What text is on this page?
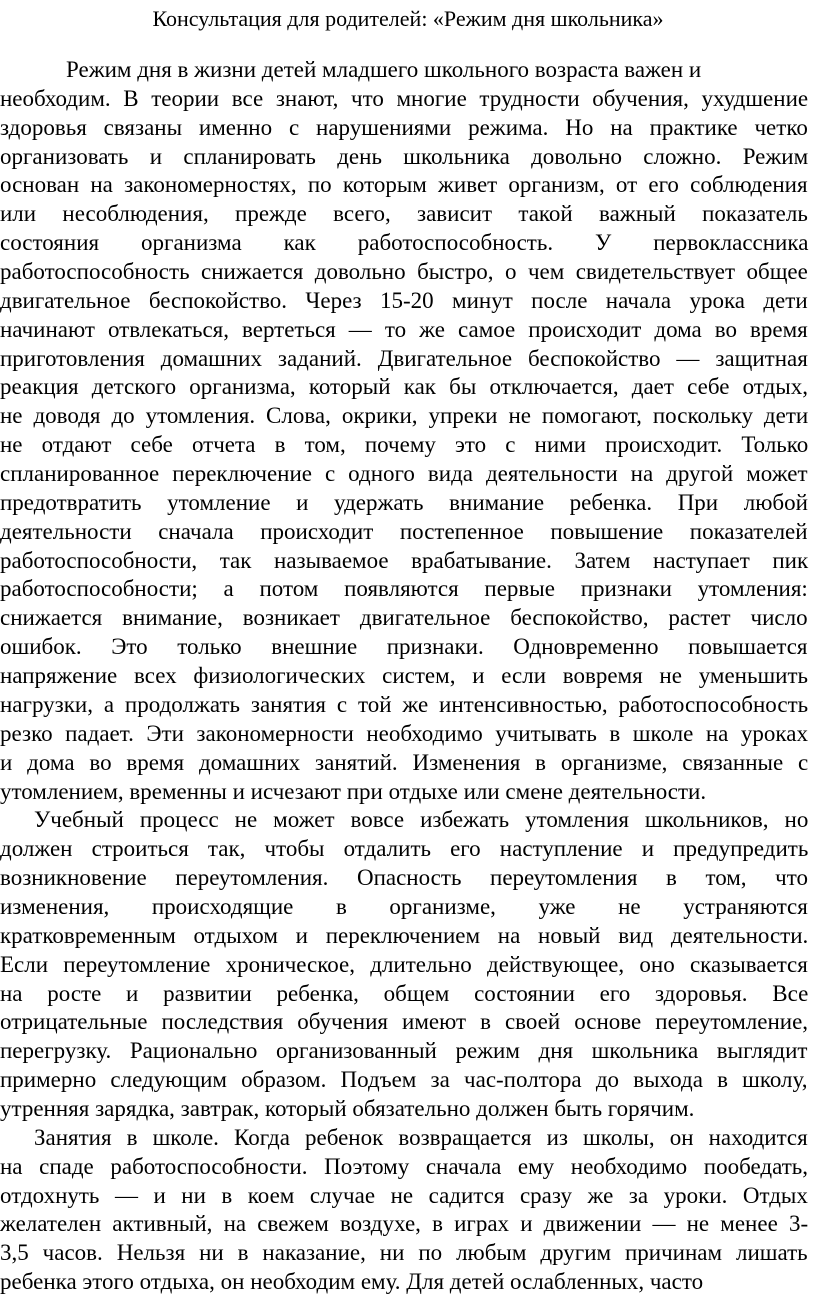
Консультация для родителей: «Режим дня школьника»
Режим дня в жизни детей младшего школьного возраста важен и
необходим. В теории все знают, что многие трудности обучения, ухудшение
здоровья связаны именно с нарушениями режима. Но на практике четко
организовать и спланировать день школьника довольно сложно. Режим
основан на закономерностях, по которым живет организм, от его соблюдения
или несоблюдения, прежде всего, зависит такой важный показатель
состояния организма как работоспособность. У первоклассника
работоспособность снижается довольно быстро, о чем свидетельствует общее
двигательное беспокойство. Через 15-20 минут после начала урока дети
начинают отвлекаться, вертеться — то же самое происходит дома во время
приготовления домашних заданий. Двигательное беспокойство — защитная
реакция детского организма, который как бы отключается, дает себе отдых,
не доводя до утомления. Слова, окрики, упреки не помогают, поскольку дети
не отдают себе отчета в том, почему это с ними происходит. Только
спланированное переключение с одного вида деятельности на другой может
предотвратить утомление и удержать внимание ребенка. При любой
деятельности сначала происходит постепенное повышение показателей
работоспособности, так называемое врабатывание. Затем наступает пик
работоспособности; а потом появляются первые признаки утомления:
снижается внимание, возникает двигательное беспокойство, растет число
ошибок. Это только внешние признаки. Одновременно повышается
напряжение всех физиологических систем, и если вовремя не уменьшить
нагрузки, а продолжать занятия с той же интенсивностью, работоспособность
резко падает. Эти закономерности необходимо учитывать в школе на уроках
и дома во время домашних занятий. Изменения в организме, связанные с
утомлением, временны и исчезают при отдыхе или смене деятельности.
Учебный процесс не может вовсе избежать утомления школьников, но
должен строиться так, чтобы отдалить его наступление и предупредить
возникновение переутомления. Опасность переутомления в том, что
изменения, происходящие в организме, уже не устраняются
кратковременным отдыхом и переключением на новый вид деятельности.
Если переутомление хроническое, длительно действующее, оно сказывается
на росте и развитии ребенка, общем состоянии его здоровья. Все
отрицательные последствия обучения имеют в своей основе переутомление,
перегрузку. Рационально организованный режим дня школьника выглядит
примерно следующим образом. Подъем за час-полтора до выхода в школу,
утренняя зарядка, завтрак, который обязательно должен быть горячим.
Занятия в школе. Когда ребенок возвращается из школы, он находится
на спаде работоспособности. Поэтому сначала ему необходимо пообедать,
отдохнуть — и ни в коем случае не садится сразу же за уроки. Отдых
желателен активный, на свежем воздухе, в играх и движении — не менее 3-
3,5 часов. Нельзя ни в наказание, ни по любым другим причинам лишать
ребенка этого отдыха, он необходим ему. Для детей ослабленных, часто
